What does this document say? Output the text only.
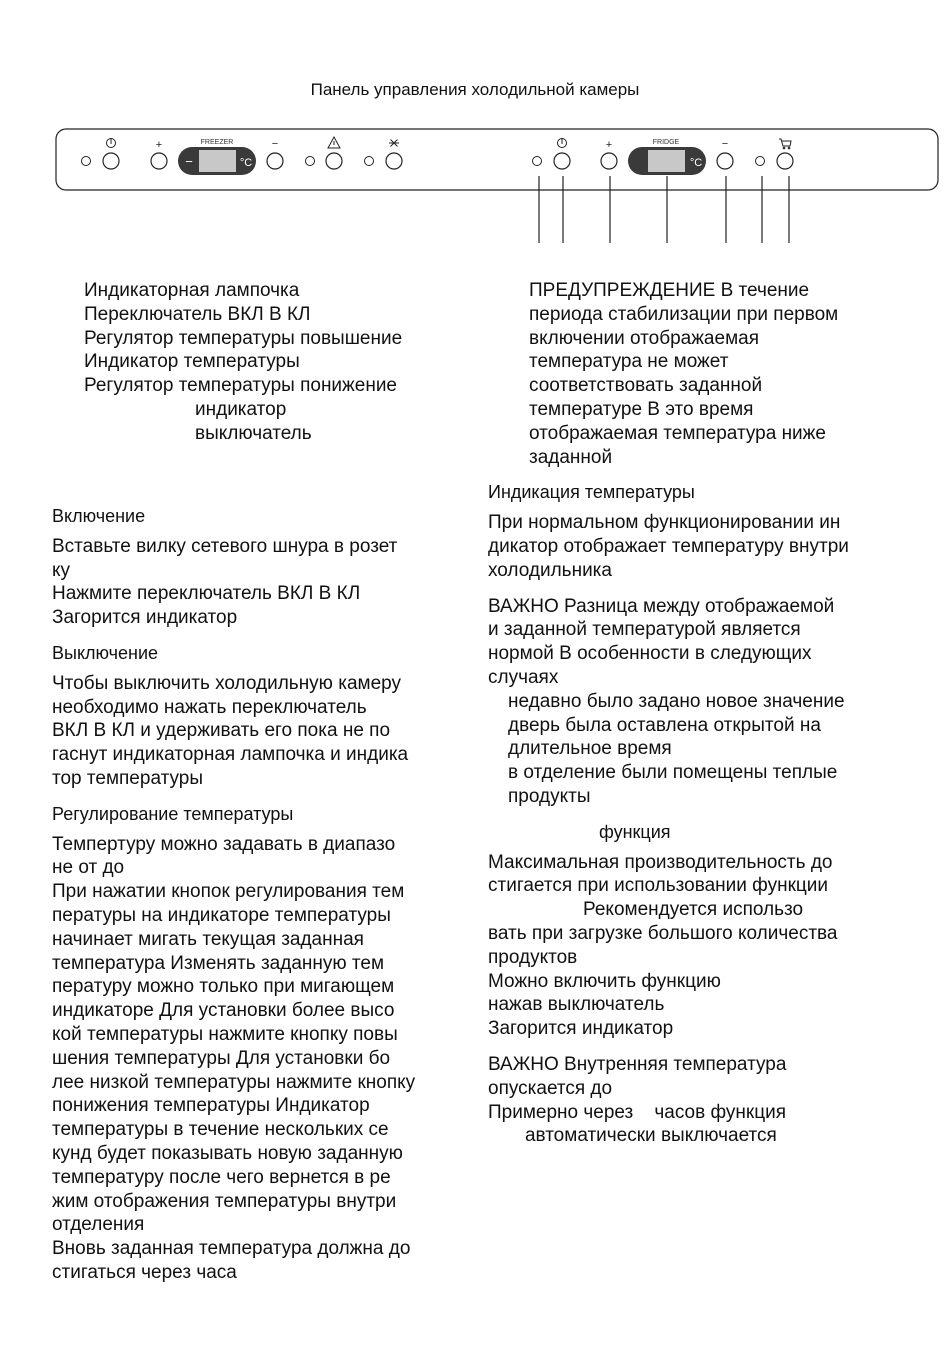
Панель управления холодильной камеры
+
−	°C
FREEZER	−	+
°C
FRIDGE	−
Индикаторная лампочка
Переключатель ВКЛ В КЛ
Регулятор температуры повышение
Индикатор температуры
Регулятор температуры понижение
индикатор
выключатель
Включение
Вставьте вилку сетевого шнура в розет
ку
Нажмите переключатель ВКЛ В КЛ
Загорится индикатор
Выключение
Чтобы выключить холодильную камеру
необходимо нажать переключатель
ВКЛ В КЛ и удерживать его пока не по
гаснут индикаторная лампочка и индика
тор температуры
Регулирование температуры
Темпертуру можно задавать в диапазо
не от до
При нажатии кнопок регулирования тем
пературы на индикаторе температуры
начинает мигать текущая заданная
температура Изменять заданную тем
пературу можно только при мигающем
индикаторе Для установки более высо
кой температуры нажмите кнопку повы
шения температуры Для установки бо
лее низкой температуры нажмите кнопку
понижения температуры Индикатор
температуры в течение нескольких се
кунд будет показывать новую заданную
температуру после чего вернется в ре
жим отображения температуры внутри
отделения
Вновь заданная температура должна до
стигаться через часа
ПРЕДУПРЕЖДЕНИЕ В течение
периода стабилизации при первом
включении отображаемая
температура не может
соответствовать заданной
температуре В это время
отображаемая температура ниже
заданной
Индикация температуры
При нормальном функционировании ин
дикатор отображает температуру внутри
холодильника
ВАЖНО Разница между отображаемой
и заданной температурой является
нормой В особенности в следующих
случаях
недавно было задано новое значение
дверь была оставлена открытой на
длительное время
в отделение были помещены теплые
продукты
функция
Максимальная производительность до
стигается при использовании функции
Рекомендуется использо
вать при загрузке большого количества
продуктов
Можно включить функцию
нажав выключатель
Загорится индикатор
ВАЖНО Внутренняя температура
опускается до
Примерно через    часов функция
автоматически выключается
